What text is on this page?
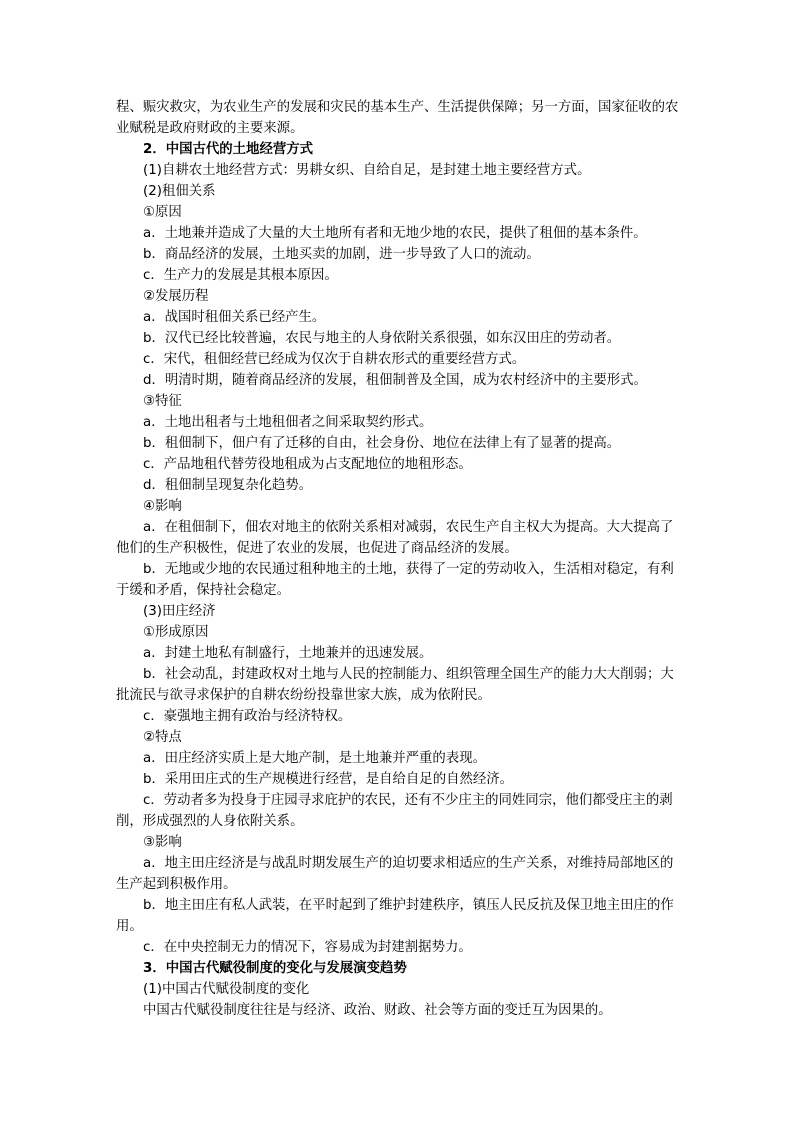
程、赈灾救灾，为农业生产的发展和灾民的基本生产、生活提供保障；另一方面，国家征收的农业赋税是政府财政的主要来源。

2．中国古代的土地经营方式

(1)自耕农土地经营方式：男耕女织、自给自足，是封建土地主要经营方式。

(2)租佃关系

①原因

a．土地兼并造成了大量的大土地所有者和无地少地的农民，提供了租佃的基本条件。

b．商品经济的发展，土地买卖的加剧，进一步导致了人口的流动。

c．生产力的发展是其根本原因。

②发展历程

a．战国时租佃关系已经产生。

b．汉代已经比较普遍，农民与地主的人身依附关系很强，如东汉田庄的劳动者。

c．宋代，租佃经营已经成为仅次于自耕农形式的重要经营方式。

d．明清时期，随着商品经济的发展，租佃制普及全国，成为农村经济中的主要形式。

③特征

a．土地出租者与土地租佃者之间采取契约形式。

b．租佃制下，佃户有了迁移的自由，社会身份、地位在法律上有了显著的提高。

c．产品地租代替劳役地租成为占支配地位的地租形态。

d．租佃制呈现复杂化趋势。

④影响

a．在租佃制下，佃农对地主的依附关系相对减弱，农民生产自主权大为提高。大大提高了他们的生产积极性，促进了农业的发展，也促进了商品经济的发展。

b．无地或少地的农民通过租种地主的土地，获得了一定的劳动收入，生活相对稳定，有利于缓和矛盾，保持社会稳定。

(3)田庄经济

①形成原因

a．封建土地私有制盛行，土地兼并的迅速发展。

b．社会动乱，封建政权对土地与人民的控制能力、组织管理全国生产的能力大大削弱；大批流民与欲寻求保护的自耕农纷纷投靠世家大族，成为依附民。

c．豪强地主拥有政治与经济特权。

②特点

a．田庄经济实质上是大地产制，是土地兼并严重的表现。

b．采用田庄式的生产规模进行经营，是自给自足的自然经济。

c．劳动者多为投身于庄园寻求庇护的农民，还有不少庄主的同姓同宗，他们都受庄主的剥削，形成强烈的人身依附关系。

③影响

a．地主田庄经济是与战乱时期发展生产的迫切要求相适应的生产关系，对维持局部地区的生产起到积极作用。

b．地主田庄有私人武装，在平时起到了维护封建秩序，镇压人民反抗及保卫地主田庄的作用。

c．在中央控制无力的情况下，容易成为封建割据势力。

3．中国古代赋役制度的变化与发展演变趋势

(1)中国古代赋役制度的变化

中国古代赋役制度往往是与经济、政治、财政、社会等方面的变迁互为因果的。
